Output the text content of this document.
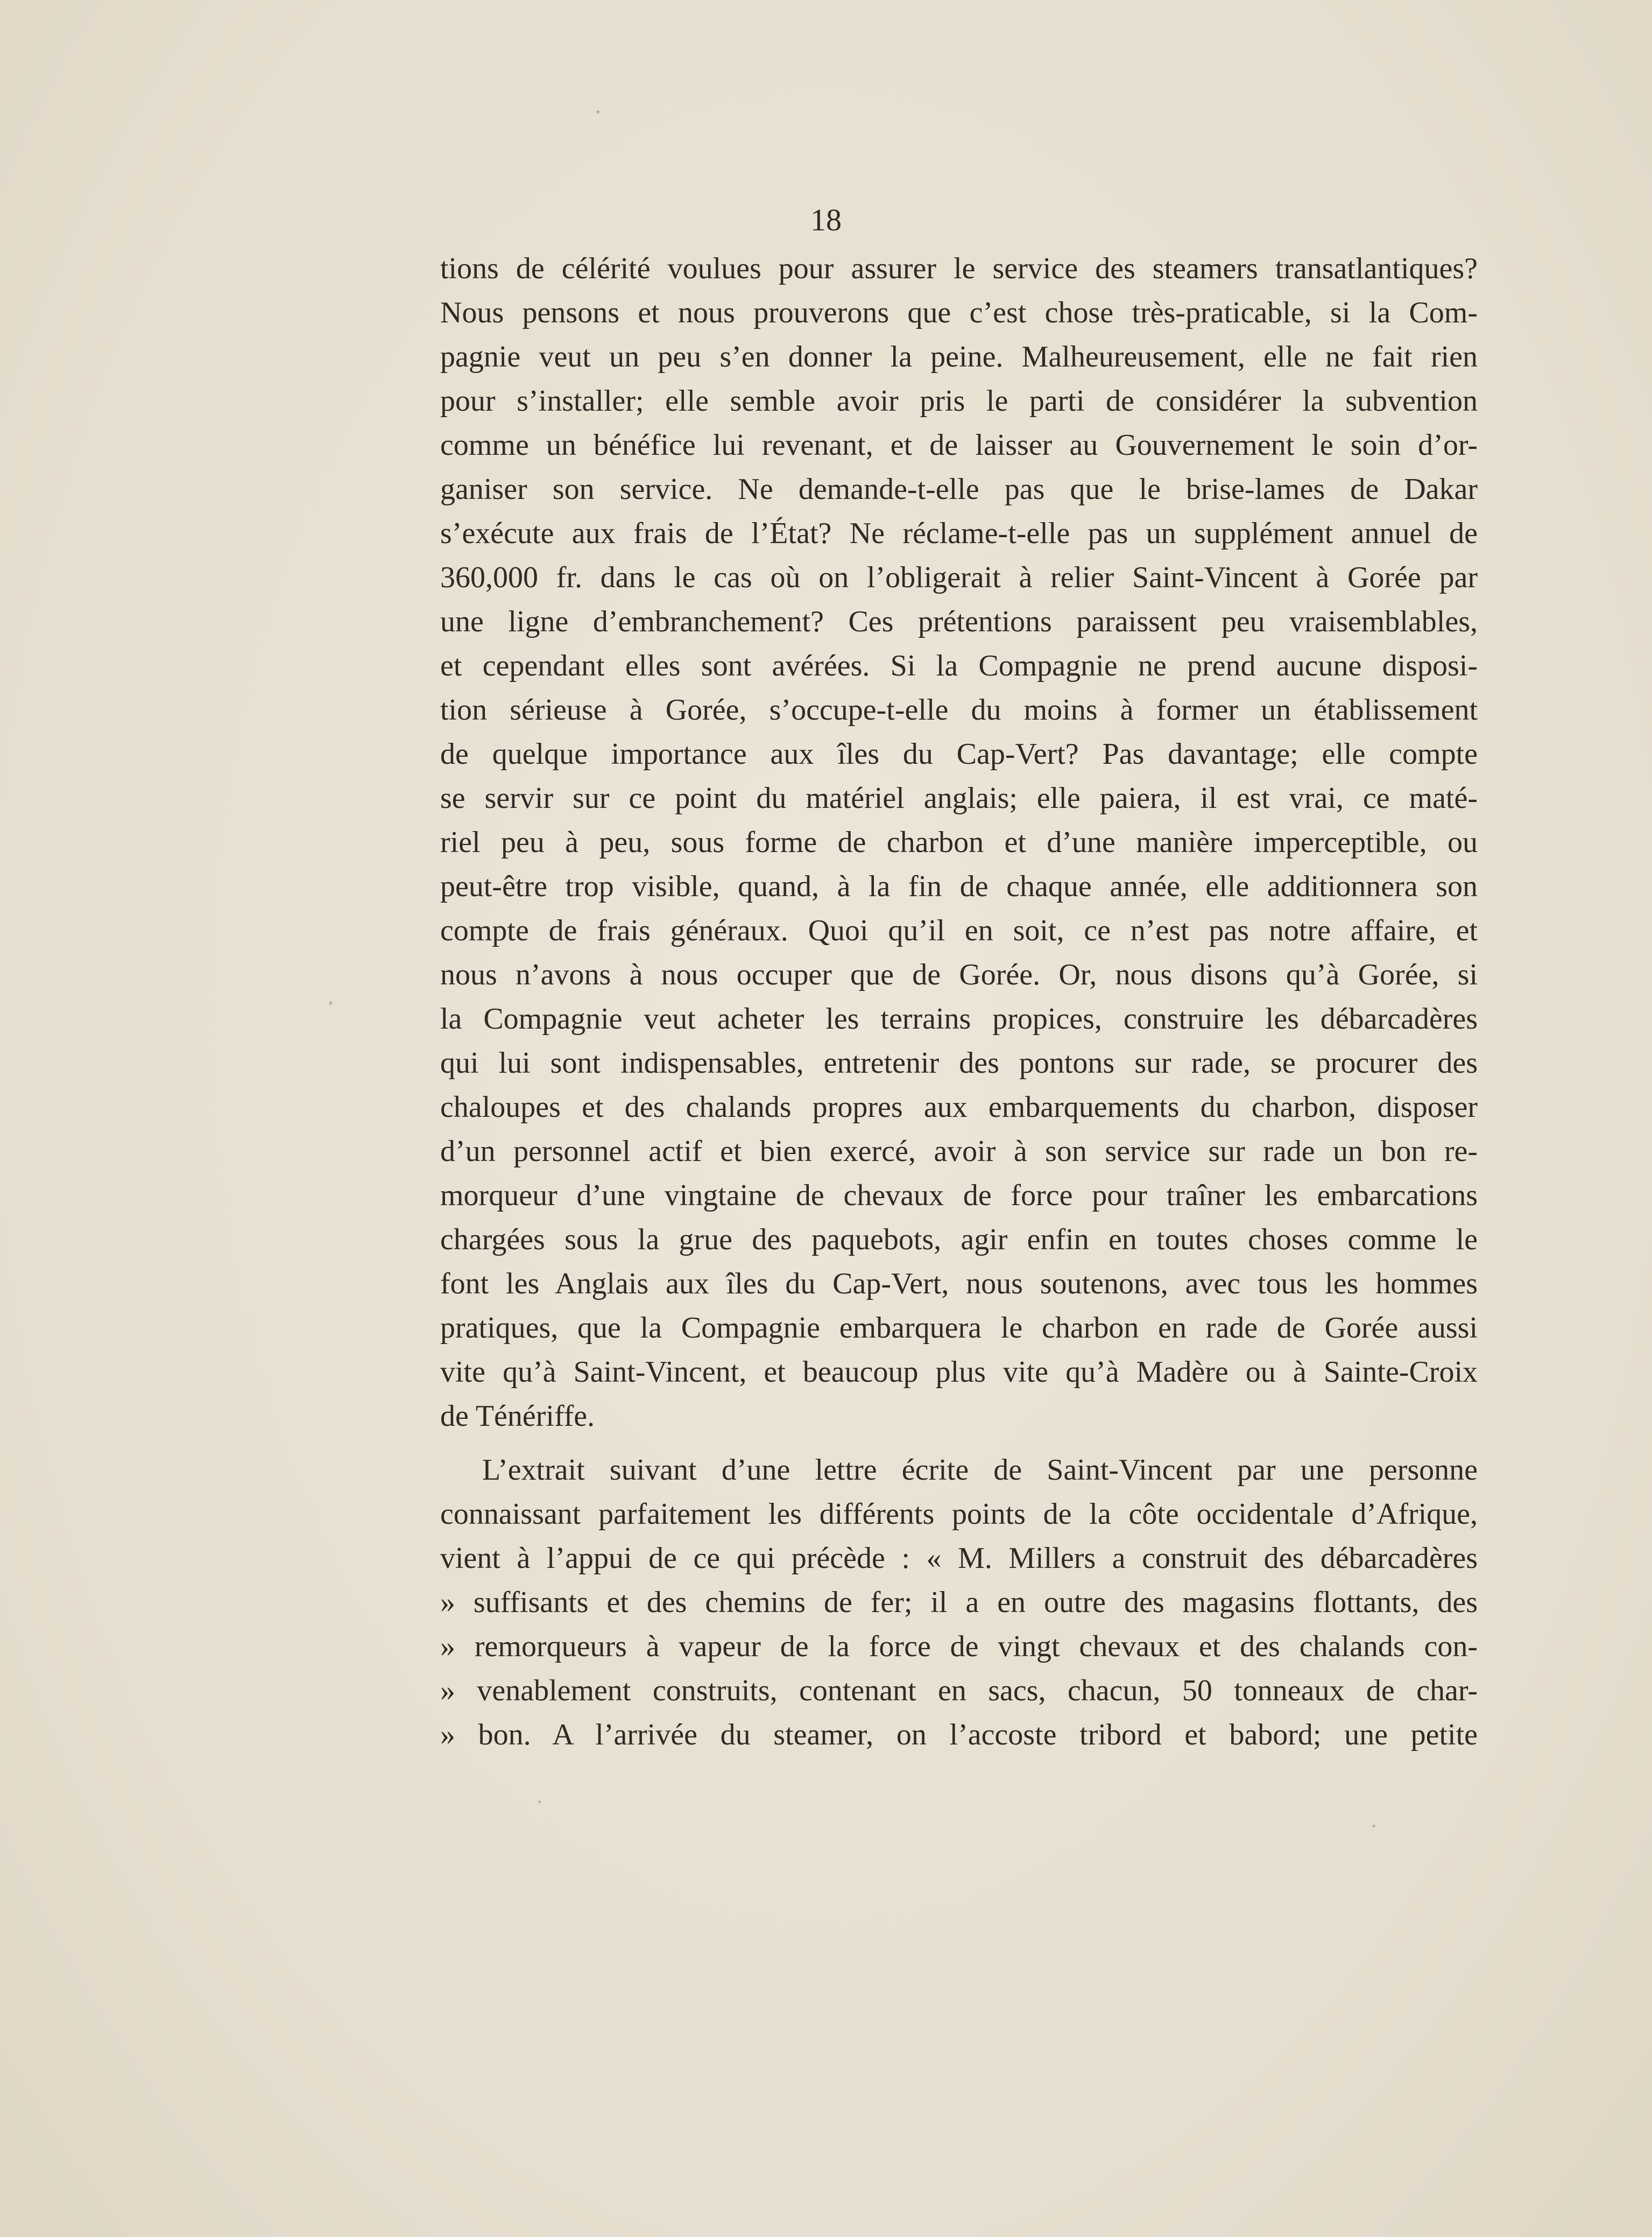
18
tions de célérité voulues pour assurer le service des steamers transatlantiques?
Nous pensons et nous prouverons que c’est chose très-praticable, si la Com-
pagnie veut un peu s’en donner la peine. Malheureusement, elle ne fait rien
pour s’installer; elle semble avoir pris le parti de considérer la subvention
comme un bénéfice lui revenant, et de laisser au Gouvernement le soin d’or-
ganiser son service. Ne demande-t-elle pas que le brise-lames de Dakar
s’exécute aux frais de l’État? Ne réclame-t-elle pas un supplément annuel de
360,000 fr. dans le cas où on l’obligerait à relier Saint-Vincent à Gorée par
une ligne d’embranchement? Ces prétentions paraissent peu vraisemblables,
et cependant elles sont avérées. Si la Compagnie ne prend aucune disposi-
tion sérieuse à Gorée, s’occupe-t-elle du moins à former un établissement
de quelque importance aux îles du Cap-Vert? Pas davantage; elle compte
se servir sur ce point du matériel anglais; elle paiera, il est vrai, ce maté-
riel peu à peu, sous forme de charbon et d’une manière imperceptible, ou
peut-être trop visible, quand, à la fin de chaque année, elle additionnera son
compte de frais généraux. Quoi qu’il en soit, ce n’est pas notre affaire, et
nous n’avons à nous occuper que de Gorée. Or, nous disons qu’à Gorée, si
la Compagnie veut acheter les terrains propices, construire les débarcadères
qui lui sont indispensables, entretenir des pontons sur rade, se procurer des
chaloupes et des chalands propres aux embarquements du charbon, disposer
d’un personnel actif et bien exercé, avoir à son service sur rade un bon re-
morqueur d’une vingtaine de chevaux de force pour traîner les embarcations
chargées sous la grue des paquebots, agir enfin en toutes choses comme le
font les Anglais aux îles du Cap-Vert, nous soutenons, avec tous les hommes
pratiques, que la Compagnie embarquera le charbon en rade de Gorée aussi
vite qu’à Saint-Vincent, et beaucoup plus vite qu’à Madère ou à Sainte-Croix
de Ténériffe.
L’extrait suivant d’une lettre écrite de Saint-Vincent par une personne
connaissant parfaitement les différents points de la côte occidentale d’Afrique,
vient à l’appui de ce qui précède : « M. Millers a construit des débarcadères
» suffisants et des chemins de fer; il a en outre des magasins flottants, des
» remorqueurs à vapeur de la force de vingt chevaux et des chalands con-
» venablement construits, contenant en sacs, chacun, 50 tonneaux de char-
» bon. A l’arrivée du steamer, on l’accoste tribord et babord; une petite
